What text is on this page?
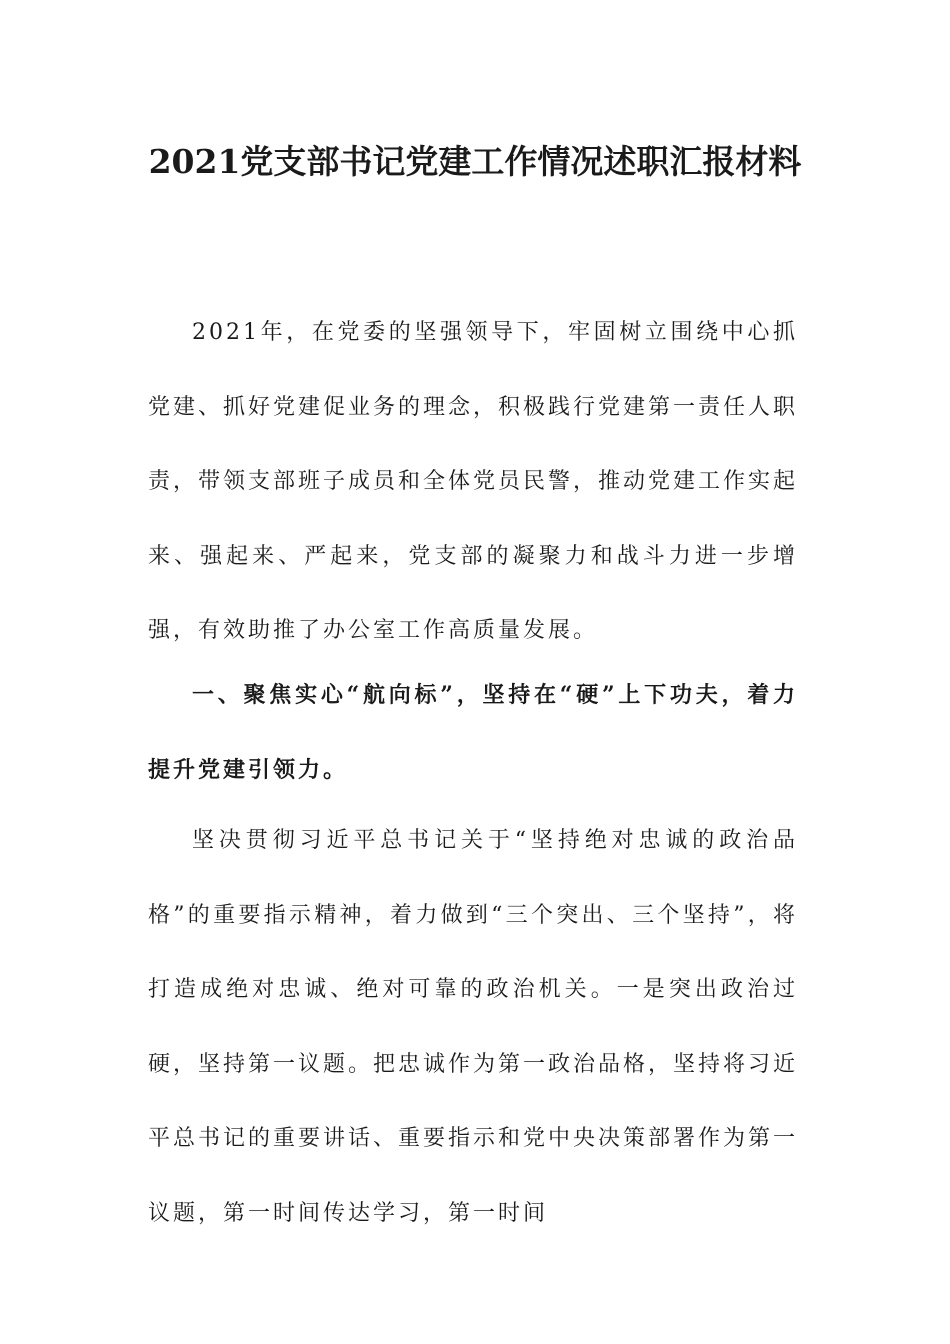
2021党支部书记党建工作情况述职汇报材料

2021年，在党委的坚强领导下，牢固树立围绕中心抓党建、抓好党建促业务的理念，积极践行党建第一责任人职责，带领支部班子成员和全体党员民警，推动党建工作实起来、强起来、严起来，党支部的凝聚力和战斗力进一步增强，有效助推了办公室工作高质量发展。

一、聚焦实心“航向标”，坚持在“硬”上下功夫，着力提升党建引领力。

坚决贯彻习近平总书记关于“坚持绝对忠诚的政治品格”的重要指示精神，着力做到“三个突出、三个坚持”，将打造成绝对忠诚、绝对可靠的政治机关。一是突出政治过硬，坚持第一议题。把忠诚作为第一政治品格，坚持将习近平总书记的重要讲话、重要指示和党中央决策部署作为第一议题，第一时间传达学习，第一时间
